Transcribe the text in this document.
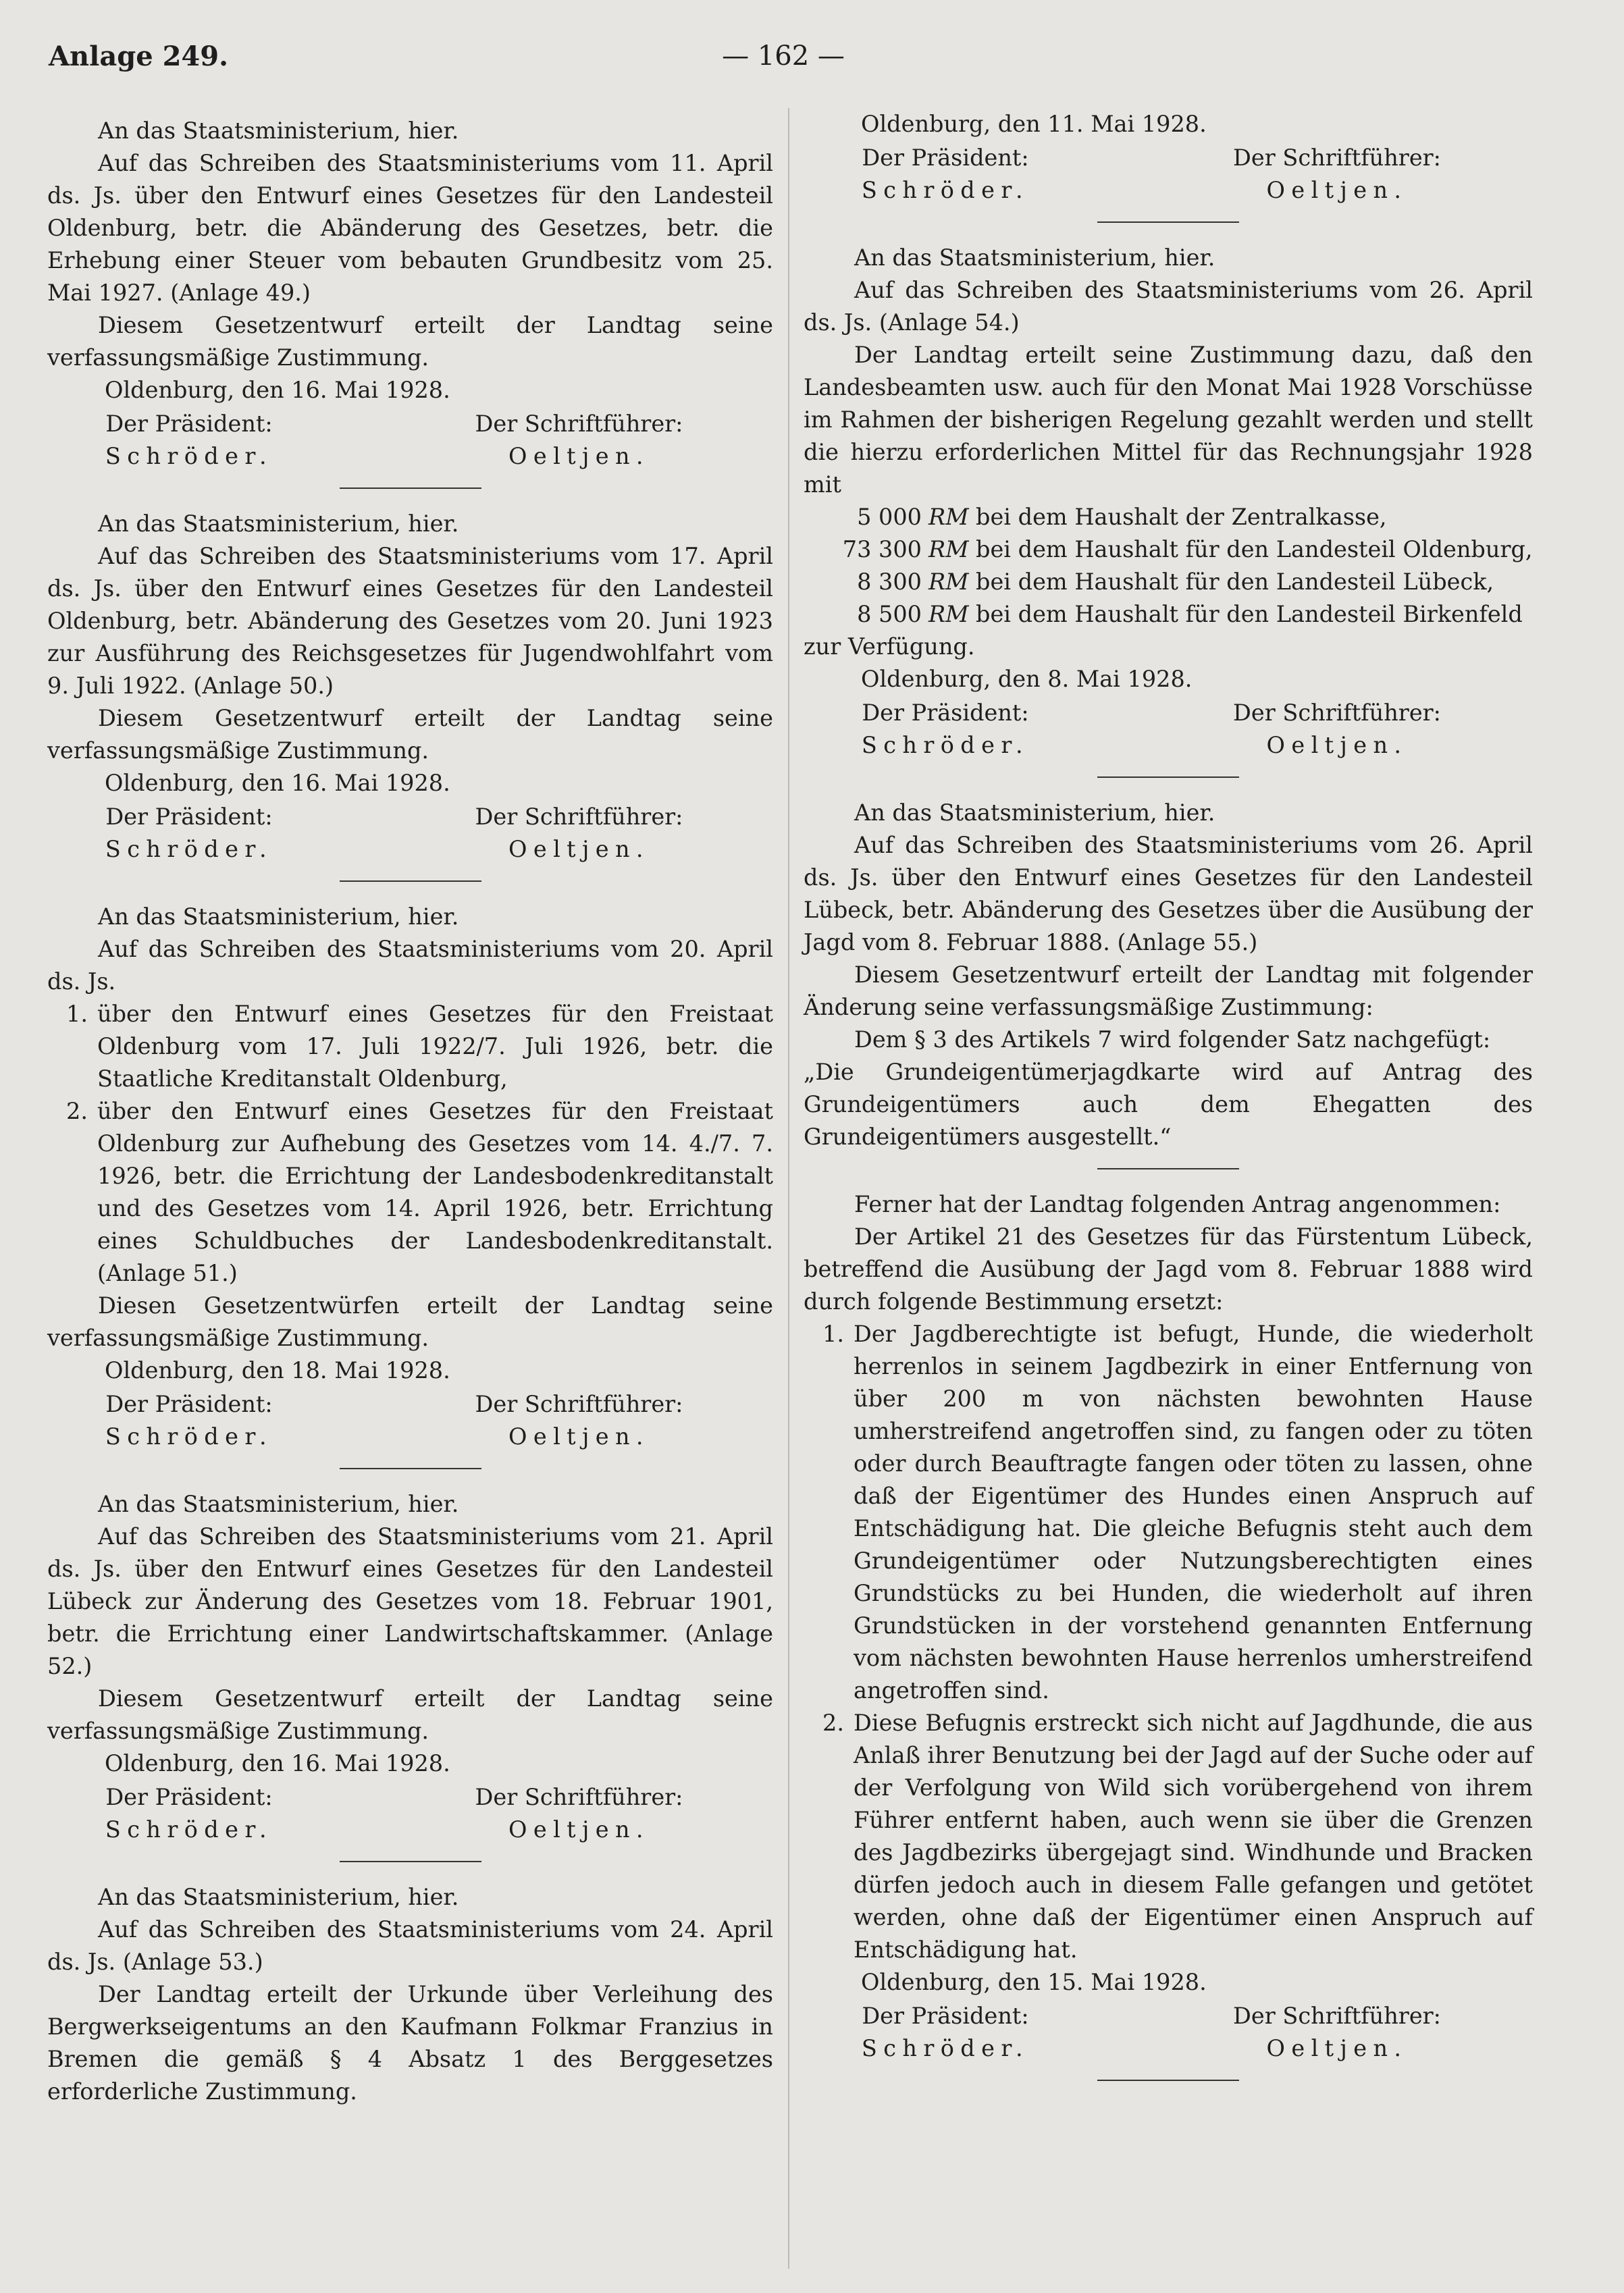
Anlage 249.	— 162 —

An das Staatsministerium, hier.

Auf das Schreiben des Staatsministeriums vom 11. April ds. Js. über den Entwurf eines Gesetzes für den Landesteil Oldenburg, betr. die Abänderung des Gesetzes, betr. die Erhebung einer Steuer vom bebauten Grundbesitz vom 25. Mai 1927. (Anlage 49.)

Diesem Gesetzentwurf erteilt der Landtag seine verfassungsmäßige Zustimmung.

Oldenburg, den 16. Mai 1928.

Der Präsident:
Schröder.
Der Schriftführer:
Oeltjen.

An das Staatsministerium, hier.

Auf das Schreiben des Staatsministeriums vom 17. April ds. Js. über den Entwurf eines Gesetzes für den Landesteil Oldenburg, betr. Abänderung des Gesetzes vom 20. Juni 1923 zur Ausführung des Reichsgesetzes für Jugendwohlfahrt vom 9. Juli 1922. (Anlage 50.)

Diesem Gesetzentwurf erteilt der Landtag seine verfassungsmäßige Zustimmung.

Oldenburg, den 16. Mai 1928.

Der Präsident:
Schröder.
Der Schriftführer:
Oeltjen.

An das Staatsministerium, hier.

Auf das Schreiben des Staatsministeriums vom 20. April ds. Js.

1. über den Entwurf eines Gesetzes für den Freistaat Oldenburg vom 17. Juli 1922/7. Juli 1926, betr. die Staatliche Kreditanstalt Oldenburg,
2. über den Entwurf eines Gesetzes für den Freistaat Oldenburg zur Aufhebung des Gesetzes vom 14. 4./7. 7. 1926, betr. die Errichtung der Landesbodenkreditanstalt und des Gesetzes vom 14. April 1926, betr. Errichtung eines Schuldbuches der Landesbodenkreditanstalt. (Anlage 51.)

Diesen Gesetzentwürfen erteilt der Landtag seine verfassungsmäßige Zustimmung.

Oldenburg, den 18. Mai 1928.

Der Präsident:
Schröder.
Der Schriftführer:
Oeltjen.

An das Staatsministerium, hier.

Auf das Schreiben des Staatsministeriums vom 21. April ds. Js. über den Entwurf eines Gesetzes für den Landesteil Lübeck zur Änderung des Gesetzes vom 18. Februar 1901, betr. die Errichtung einer Landwirtschaftskammer. (Anlage 52.)

Diesem Gesetzentwurf erteilt der Landtag seine verfassungsmäßige Zustimmung.

Oldenburg, den 16. Mai 1928.

Der Präsident:
Schröder.
Der Schriftführer:
Oeltjen.

An das Staatsministerium, hier.

Auf das Schreiben des Staatsministeriums vom 24. April ds. Js. (Anlage 53.)

Der Landtag erteilt der Urkunde über Verleihung des Bergwerkseigentums an den Kaufmann Folkmar Franzius in Bremen die gemäß § 4 Absatz 1 des Berggesetzes erforderliche Zustimmung.

Oldenburg, den 11. Mai 1928.

Der Präsident:
Schröder.
Der Schriftführer:
Oeltjen.

An das Staatsministerium, hier.

Auf das Schreiben des Staatsministeriums vom 26. April ds. Js. (Anlage 54.)

Der Landtag erteilt seine Zustimmung dazu, daß den Landesbeamten usw. auch für den Monat Mai 1928 Vorschüsse im Rahmen der bisherigen Regelung gezahlt werden und stellt die hierzu erforderlichen Mittel für das Rechnungsjahr 1928 mit

5 000 RM bei dem Haushalt der Zentralkasse,
73 300 RM bei dem Haushalt für den Landesteil Oldenburg,
8 300 RM bei dem Haushalt für den Landesteil Lübeck,
8 500 RM bei dem Haushalt für den Landesteil Birkenfeld

zur Verfügung.

Oldenburg, den 8. Mai 1928.

Der Präsident:
Schröder.
Der Schriftführer:
Oeltjen.

An das Staatsministerium, hier.

Auf das Schreiben des Staatsministeriums vom 26. April ds. Js. über den Entwurf eines Gesetzes für den Landesteil Lübeck, betr. Abänderung des Gesetzes über die Ausübung der Jagd vom 8. Februar 1888. (Anlage 55.)

Diesem Gesetzentwurf erteilt der Landtag mit folgender Änderung seine verfassungsmäßige Zustimmung:

Dem § 3 des Artikels 7 wird folgender Satz nachgefügt:

„Die Grundeigentümerjagdkarte wird auf Antrag des Grundeigentümers auch dem Ehegatten des Grundeigentümers ausgestellt.“

Ferner hat der Landtag folgenden Antrag angenommen:

Der Artikel 21 des Gesetzes für das Fürstentum Lübeck, betreffend die Ausübung der Jagd vom 8. Februar 1888 wird durch folgende Bestimmung ersetzt:

1. Der Jagdberechtigte ist befugt, Hunde, die wiederholt herrenlos in seinem Jagdbezirk in einer Entfernung von über 200 m von nächsten bewohnten Hause umherstreifend angetroffen sind, zu fangen oder zu töten oder durch Beauftragte fangen oder töten zu lassen, ohne daß der Eigentümer des Hundes einen Anspruch auf Entschädigung hat. Die gleiche Befugnis steht auch dem Grundeigentümer oder Nutzungsberechtigten eines Grundstücks zu bei Hunden, die wiederholt auf ihren Grundstücken in der vorstehend genannten Entfernung vom nächsten bewohnten Hause herrenlos umherstreifend angetroffen sind.
2. Diese Befugnis erstreckt sich nicht auf Jagdhunde, die aus Anlaß ihrer Benutzung bei der Jagd auf der Suche oder auf der Verfolgung von Wild sich vorübergehend von ihrem Führer entfernt haben, auch wenn sie über die Grenzen des Jagdbezirks übergejagt sind. Windhunde und Bracken dürfen jedoch auch in diesem Falle gefangen und getötet werden, ohne daß der Eigentümer einen Anspruch auf Entschädigung hat.

Oldenburg, den 15. Mai 1928.

Der Präsident:
Schröder.
Der Schriftführer:
Oeltjen.
